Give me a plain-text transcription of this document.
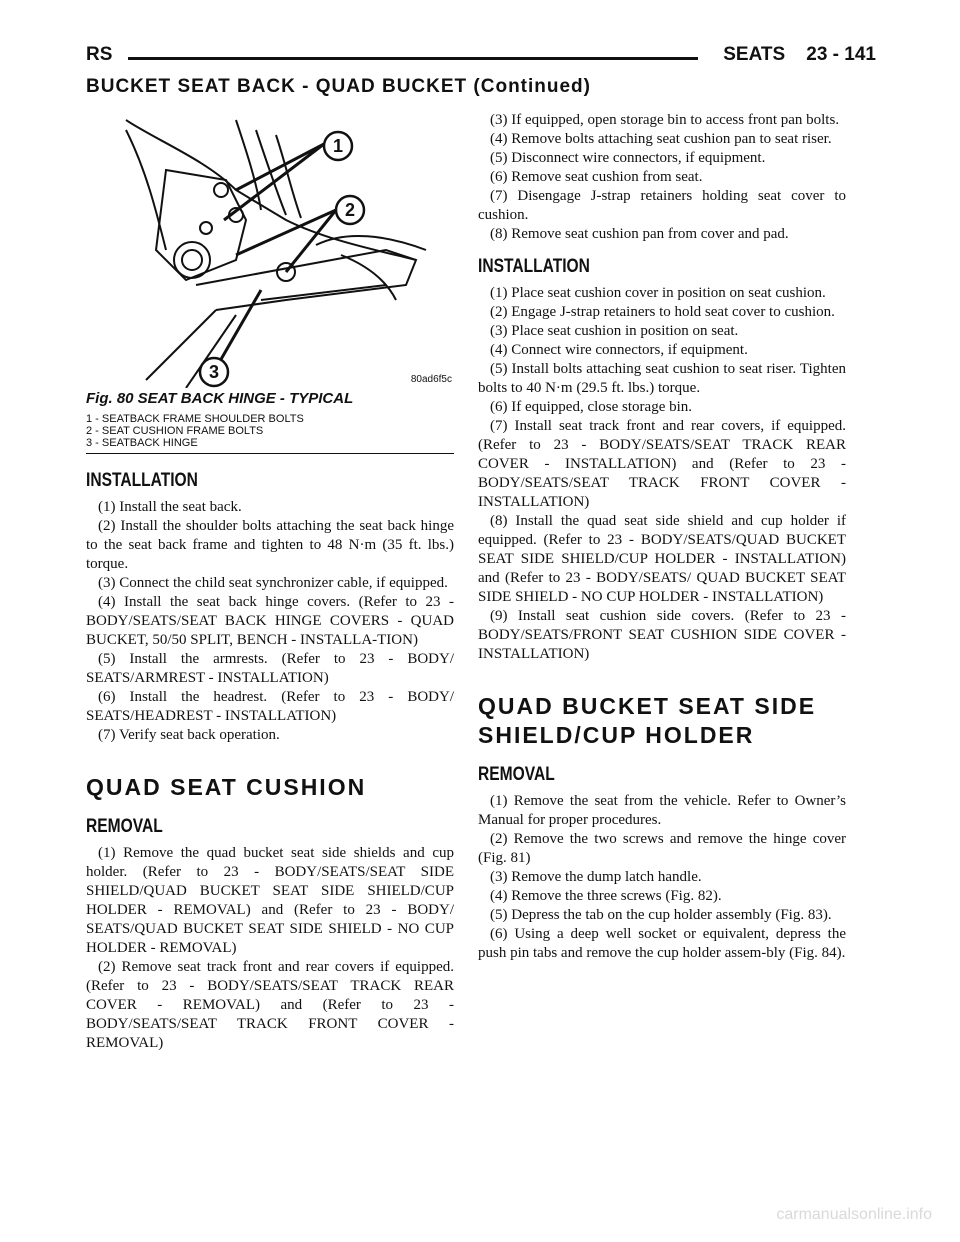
RS	SEATS    23 - 141
BUCKET SEAT BACK - QUAD BUCKET (Continued)
1
2
3	80ad6f5c
Fig. 80 SEAT BACK HINGE - TYPICAL
1 - SEATBACK FRAME SHOULDER BOLTS
2 - SEAT CUSHION FRAME BOLTS
3 - SEATBACK HINGE
INSTALLATION

(1) Install the seat back.

(2) Install the shoulder bolts attaching the seat back hinge to the seat back frame and tighten to 48 N·m (35 ft. lbs.) torque.

(3) Connect the child seat synchronizer cable, if equipped.

(4) Install the seat back hinge covers. (Refer to 23 - BODY/SEATS/SEAT BACK HINGE COVERS - QUAD BUCKET, 50/50 SPLIT, BENCH - INSTALLA-TION)

(5) Install the armrests. (Refer to 23 - BODY/ SEATS/ARMREST - INSTALLATION)

(6) Install the headrest. (Refer to 23 - BODY/ SEATS/HEADREST - INSTALLATION)

(7) Verify seat back operation.

QUAD SEAT CUSHION
REMOVAL

(1) Remove the quad bucket seat side shields and cup holder. (Refer to 23 - BODY/SEATS/SEAT SIDE SHIELD/QUAD BUCKET SEAT SIDE SHIELD/CUP HOLDER - REMOVAL) and (Refer to 23 - BODY/ SEATS/QUAD BUCKET SEAT SIDE SHIELD - NO CUP HOLDER - REMOVAL)

(2) Remove seat track front and rear covers if equipped. (Refer to 23 - BODY/SEATS/SEAT TRACK REAR COVER - REMOVAL) and (Refer to 23 - BODY/SEATS/SEAT TRACK FRONT COVER - REMOVAL)

(3) If equipped, open storage bin to access front pan bolts.

(4) Remove bolts attaching seat cushion pan to seat riser.

(5) Disconnect wire connectors, if equipment.

(6) Remove seat cushion from seat.

(7) Disengage J-strap retainers holding seat cover to cushion.

(8) Remove seat cushion pan from cover and pad.

INSTALLATION

(1) Place seat cushion cover in position on seat cushion.

(2) Engage J-strap retainers to hold seat cover to cushion.

(3) Place seat cushion in position on seat.

(4) Connect wire connectors, if equipment.

(5) Install bolts attaching seat cushion to seat riser. Tighten bolts to 40 N·m (29.5 ft. lbs.) torque.

(6) If equipped, close storage bin.

(7) Install seat track front and rear covers, if equipped. (Refer to 23 - BODY/SEATS/SEAT TRACK REAR COVER - INSTALLATION) and (Refer to 23 - BODY/SEATS/SEAT TRACK FRONT COVER - INSTALLATION)

(8) Install the quad seat side shield and cup holder if equipped. (Refer to 23 - BODY/SEATS/QUAD BUCKET SEAT SIDE SHIELD/CUP HOLDER - INSTALLATION) and (Refer to 23 - BODY/SEATS/ QUAD BUCKET SEAT SIDE SHIELD - NO CUP HOLDER - INSTALLATION)

(9) Install seat cushion side covers. (Refer to 23 - BODY/SEATS/FRONT SEAT CUSHION SIDE COVER - INSTALLATION)

QUAD BUCKET SEAT SIDE
SHIELD/CUP HOLDER
REMOVAL

(1) Remove the seat from the vehicle. Refer to Owner’s Manual for proper procedures.

(2) Remove the two screws and remove the hinge cover (Fig. 81)

(3) Remove the dump latch handle.

(4) Remove the three screws (Fig. 82).

(5) Depress the tab on the cup holder assembly (Fig. 83).

(6) Using a deep well socket or equivalent, depress the push pin tabs and remove the cup holder assem-bly (Fig. 84).

carmanualsonline.info
